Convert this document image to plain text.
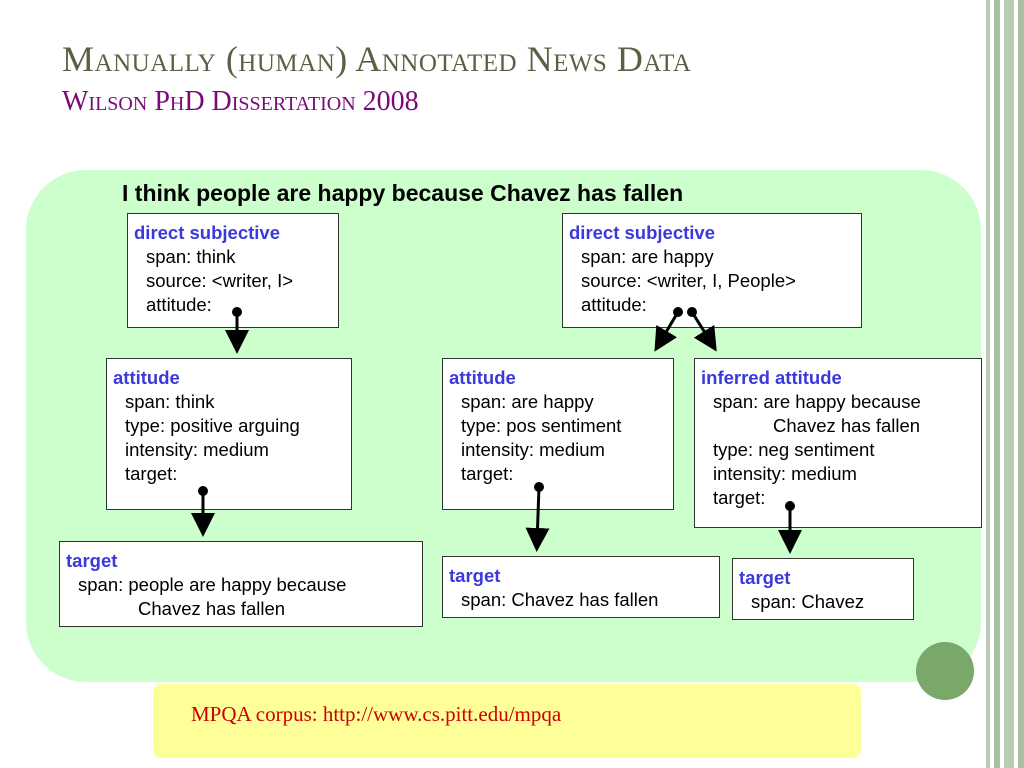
Manually (human) Annotated News Data
Wilson PhD Dissertation 2008
I think people are happy because Chavez has fallen
direct subjective
span: think
source: <writer, I>
attitude:
direct subjective
span: are happy
source: <writer, I, People>
attitude:
attitude
span: think
type: positive arguing
intensity: medium
target:
attitude
span: are happy
type: pos sentiment
intensity: medium
target:
inferred attitude
span: are happy because
Chavez has fallen
type: neg sentiment
intensity: medium
target:
target
span: people are happy because
Chavez has fallen
target
span: Chavez has fallen
target
span: Chavez
MPQA corpus: http://www.cs.pitt.edu/mpqa
